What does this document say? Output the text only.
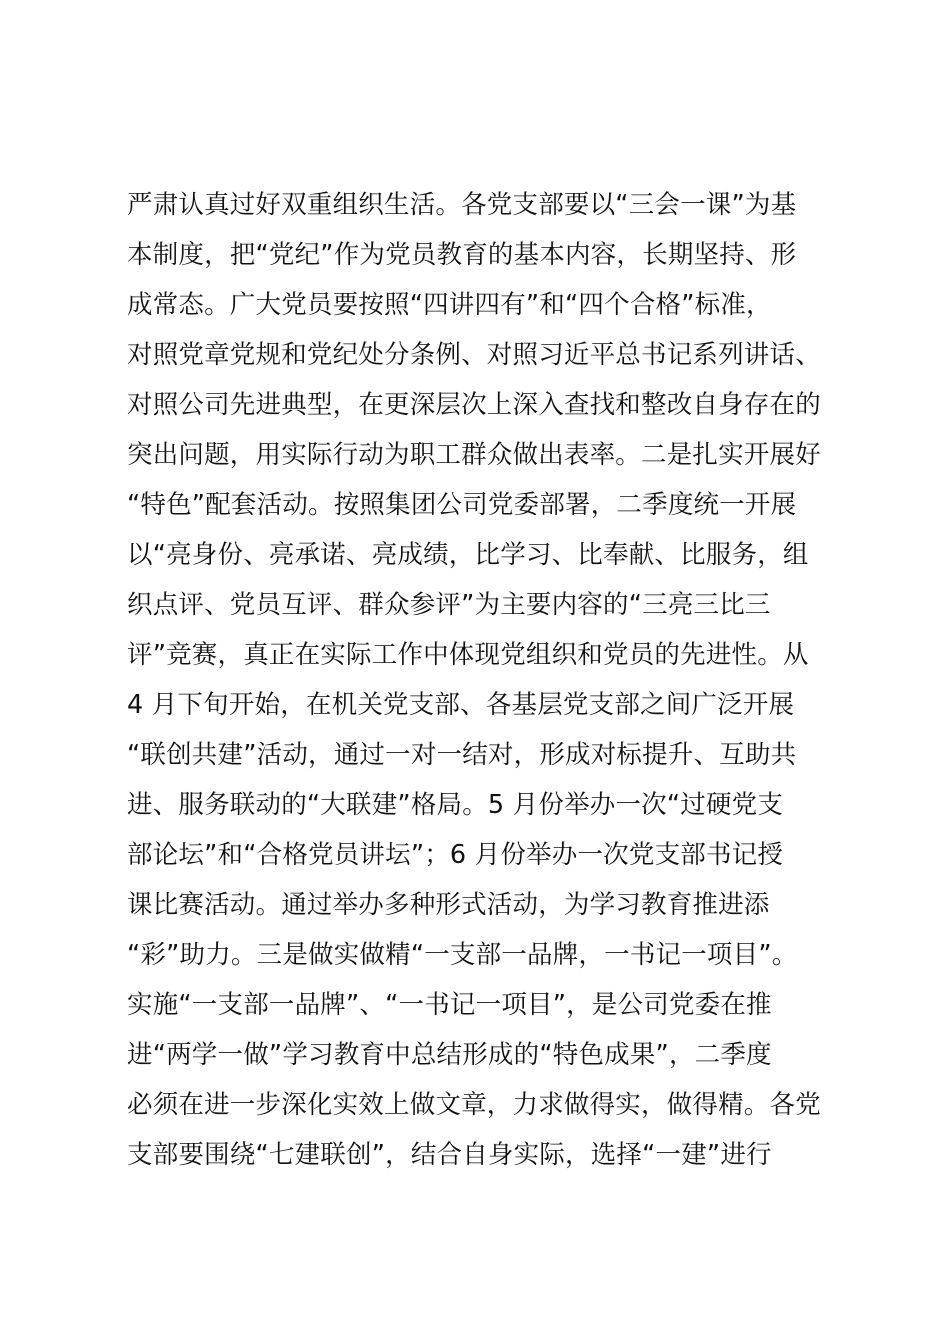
严肃认真过好双重组织生活。各党支部要以“三会一课”为基
本制度，把“党纪”作为党员教育的基本内容，长期坚持、形
成常态。广大党员要按照“四讲四有”和“四个合格”标准，
对照党章党规和党纪处分条例、对照习近平总书记系列讲话、
对照公司先进典型，在更深层次上深入查找和整改自身存在的
突出问题，用实际行动为职工群众做出表率。二是扎实开展好
“特色”配套活动。按照集团公司党委部署，二季度统一开展
以“亮身份、亮承诺、亮成绩，比学习、比奉献、比服务，组
织点评、党员互评、群众参评”为主要内容的“三亮三比三
评”竞赛，真正在实际工作中体现党组织和党员的先进性。从
4 月下旬开始，在机关党支部、各基层党支部之间广泛开展
“联创共建”活动，通过一对一结对，形成对标提升、互助共
进、服务联动的“大联建”格局。5 月份举办一次“过硬党支
部论坛”和“合格党员讲坛”；6 月份举办一次党支部书记授
课比赛活动。通过举办多种形式活动，为学习教育推进添
“彩”助力。三是做实做精“一支部一品牌，一书记一项目”。
实施“一支部一品牌”、“一书记一项目”，是公司党委在推
进“两学一做”学习教育中总结形成的“特色成果”，二季度
必须在进一步深化实效上做文章，力求做得实，做得精。各党
支部要围绕“七建联创”，结合自身实际，选择“一建”进行
